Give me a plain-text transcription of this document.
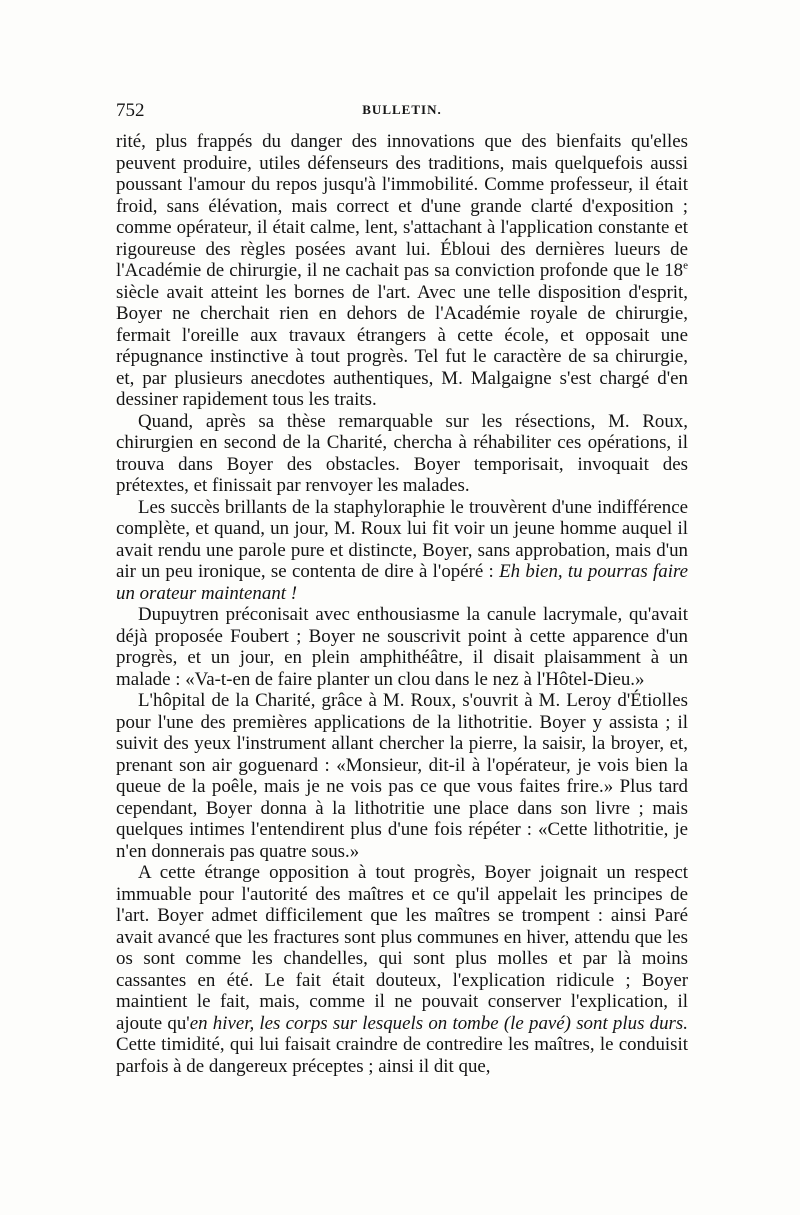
752	BULLETIN.

rité, plus frappés du danger des innovations que des bienfaits qu'elles peuvent produire, utiles défenseurs des traditions, mais quelquefois aussi poussant l'amour du repos jusqu'à l'immobilité. Comme professeur, il était froid, sans élévation, mais correct et d'une grande clarté d'exposition ; comme opérateur, il était calme, lent, s'attachant à l'application constante et rigoureuse des règles posées avant lui. Ébloui des dernières lueurs de l'Académie de chirurgie, il ne cachait pas sa conviction profonde que le 18e siècle avait atteint les bornes de l'art. Avec une telle disposition d'esprit, Boyer ne cherchait rien en dehors de l'Académie royale de chirurgie, fermait l'oreille aux travaux étrangers à cette école, et opposait une répugnance instinctive à tout progrès. Tel fut le caractère de sa chirurgie, et, par plusieurs anecdotes authentiques, M. Malgaigne s'est chargé d'en dessiner rapidement tous les traits.

Quand, après sa thèse remarquable sur les résections, M. Roux, chirurgien en second de la Charité, chercha à réhabiliter ces opérations, il trouva dans Boyer des obstacles. Boyer temporisait, invoquait des prétextes, et finissait par renvoyer les malades.

Les succès brillants de la staphyloraphie le trouvèrent d'une indifférence complète, et quand, un jour, M. Roux lui fit voir un jeune homme auquel il avait rendu une parole pure et distincte, Boyer, sans approbation, mais d'un air un peu ironique, se contenta de dire à l'opéré : Eh bien, tu pourras faire un orateur maintenant !

Dupuytren préconisait avec enthousiasme la canule lacrymale, qu'avait déjà proposée Foubert ; Boyer ne souscrivit point à cette apparence d'un progrès, et un jour, en plein amphithéâtre, il disait plaisamment à un malade : «Va-t-en de faire planter un clou dans le nez à l'Hôtel-Dieu.»

L'hôpital de la Charité, grâce à M. Roux, s'ouvrit à M. Leroy d'Étiolles pour l'une des premières applications de la lithotritie. Boyer y assista ; il suivit des yeux l'instrument allant chercher la pierre, la saisir, la broyer, et, prenant son air goguenard : «Monsieur, dit-il à l'opérateur, je vois bien la queue de la poêle, mais je ne vois pas ce que vous faites frire.» Plus tard cependant, Boyer donna à la lithotritie une place dans son livre ; mais quelques intimes l'entendirent plus d'une fois répéter : «Cette lithotritie, je n'en donnerais pas quatre sous.»

A cette étrange opposition à tout progrès, Boyer joignait un respect immuable pour l'autorité des maîtres et ce qu'il appelait les principes de l'art. Boyer admet difficilement que les maîtres se trompent : ainsi Paré avait avancé que les fractures sont plus communes en hiver, attendu que les os sont comme les chandelles, qui sont plus molles et par là moins cassantes en été. Le fait était douteux, l'explication ridicule ; Boyer maintient le fait, mais, comme il ne pouvait conserver l'explication, il ajoute qu'en hiver, les corps sur lesquels on tombe (le pavé) sont plus durs. Cette timidité, qui lui faisait craindre de contredire les maîtres, le conduisit parfois à de dangereux préceptes ; ainsi il dit que,
